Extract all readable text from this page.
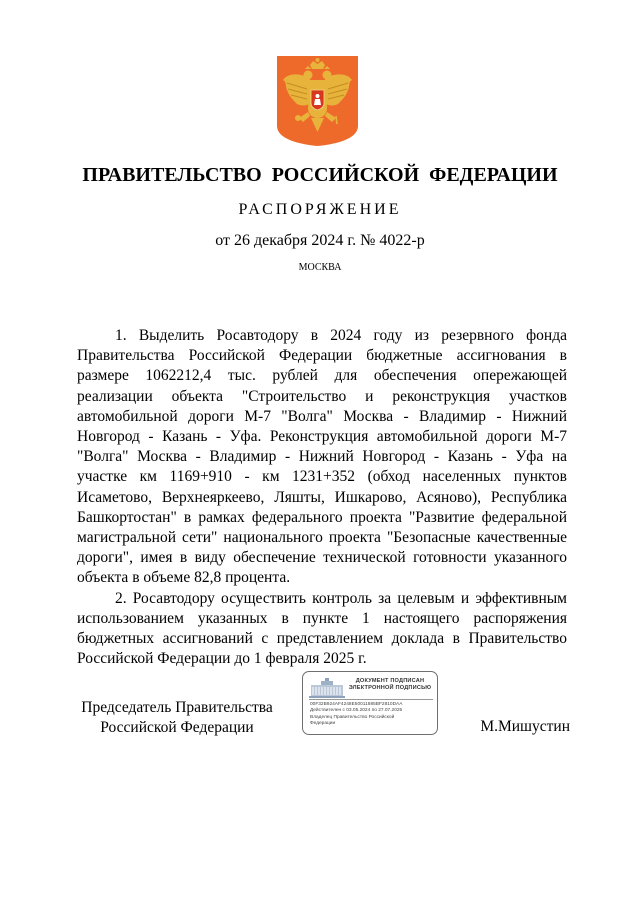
ПРАВИТЕЛЬСТВО РОССИЙСКОЙ ФЕДЕРАЦИИ
РАСПОРЯЖЕНИЕ
от 26 декабря 2024 г. № 4022-р
МОСКВА

1. Выделить Росавтодору в 2024 году из резервного фонда Правительства Российской Федерации бюджетные ассигнования в размере 1062212,4 тыс. рублей для обеспечения опережающей реализации объекта "Строительство и реконструкция участков автомобильной дороги М-7 "Волга" Москва - Владимир - Нижний Новгород - Казань - Уфа. Реконструкция автомобильной дороги М-7 "Волга" Москва - Владимир - Нижний Новгород - Казань - Уфа на участке км 1169+910 - км 1231+352 (обход населенных пунктов Исаметово, Верхнеяркеево, Ляшты, Ишкарово, Асяново), Республика Башкортостан" в рамках федерального проекта "Развитие федеральной магистральной сети" национального проекта "Безопасные качественные дороги", имея в виду обеспечение технической готовности указанного объекта в объеме 82,8 процента.

2. Росавтодору осуществить контроль за целевым и эффективным использованием указанных в пункте 1 настоящего распоряжения бюджетных ассигнований с представлением доклада в Правительство Российской Федерации до 1 февраля 2025 г.

Председатель Правительства
Российской Федерации
ДОКУМЕНТ ПОДПИСАН
ЭЛЕКТРОННОЙ ПОДПИСЬЮ
00F32B924AF4248E50011885BF2810DAA
Действителен с 03.05.2024 по 27.07.2025
Владелец Правительство Российской
Федерации	М.Мишустин
